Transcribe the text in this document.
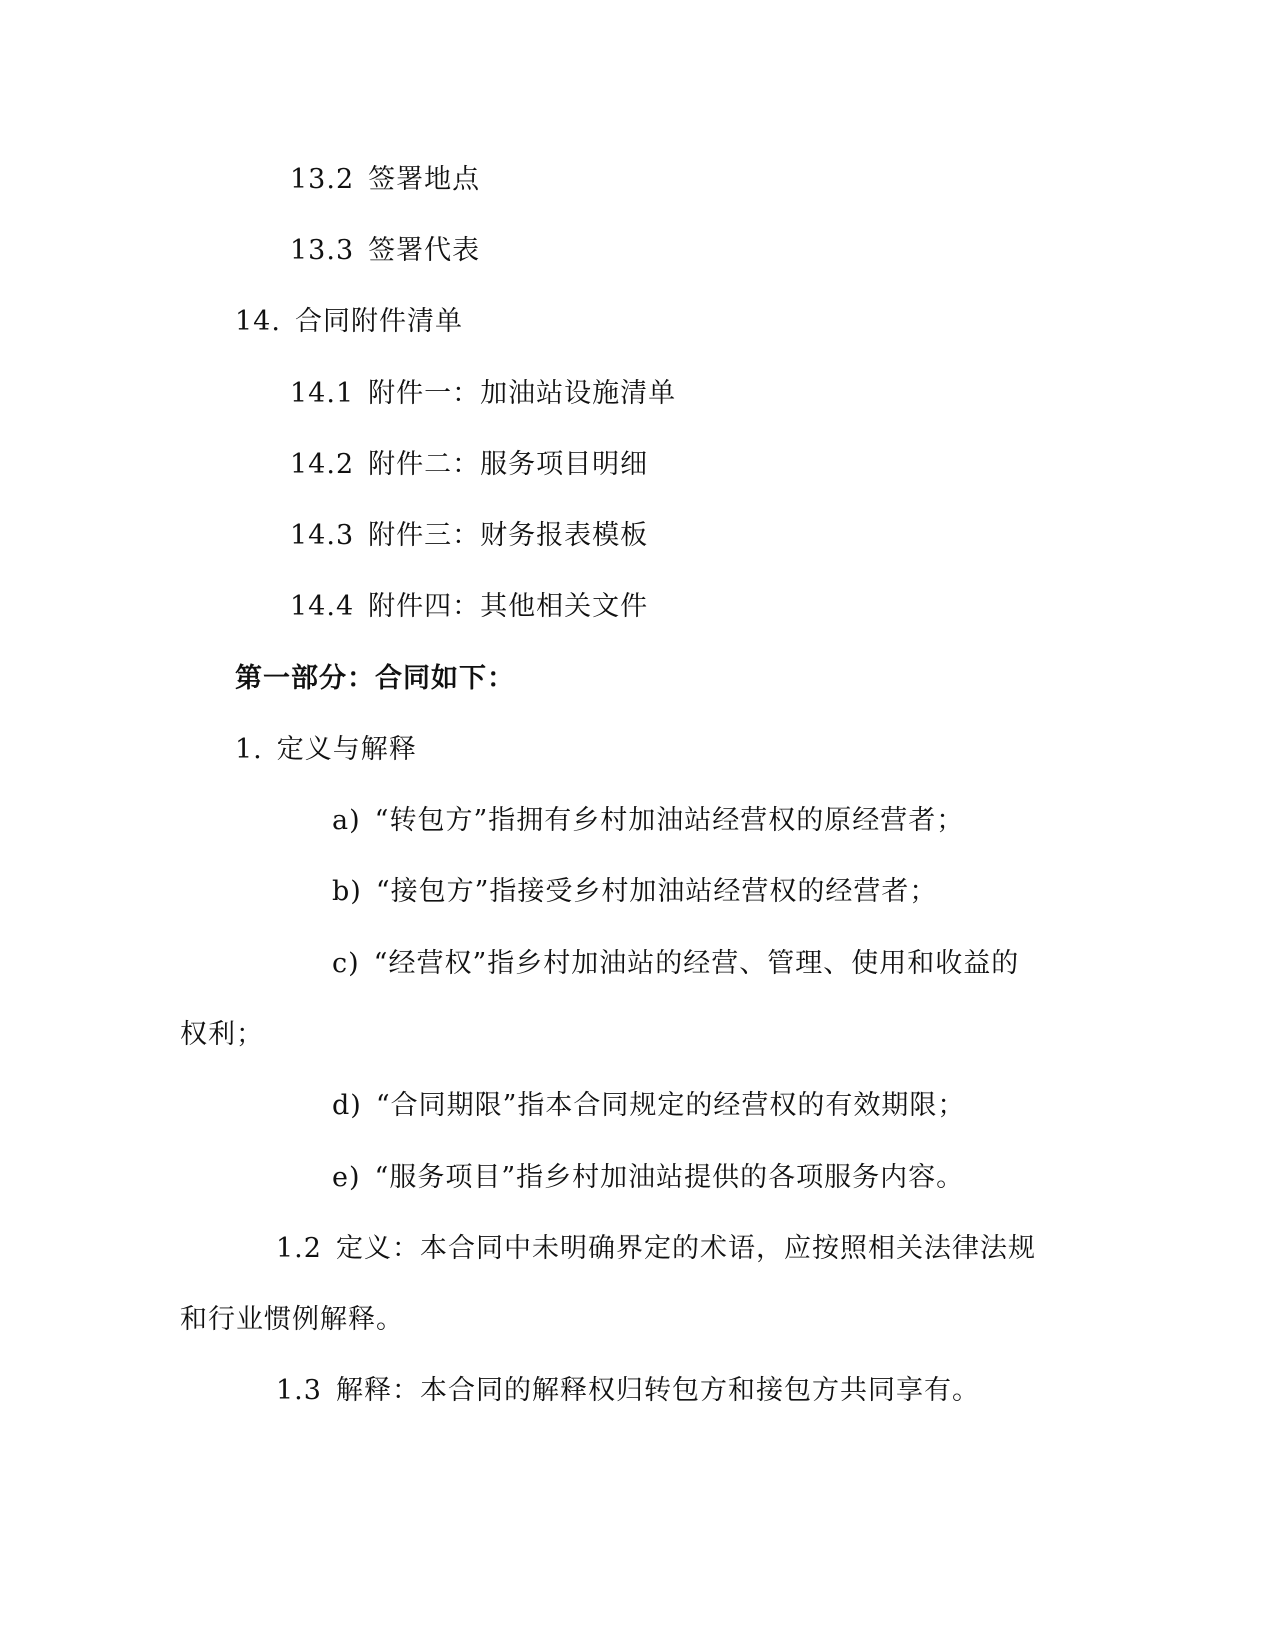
13.2 签署地点
13.3 签署代表
14. 合同附件清单
14.1 附件一：加油站设施清单
14.2 附件二：服务项目明细
14.3 附件三：财务报表模板
14.4 附件四：其他相关文件
第一部分：合同如下：
1. 定义与解释
a) “转包方”指拥有乡村加油站经营权的原经营者；
b) “接包方”指接受乡村加油站经营权的经营者；
c) “经营权”指乡村加油站的经营、管理、使用和收益的
权利；
d) “合同期限”指本合同规定的经营权的有效期限；
e) “服务项目”指乡村加油站提供的各项服务内容。
1.2 定义：本合同中未明确界定的术语，应按照相关法律法规
和行业惯例解释。
1.3 解释：本合同的解释权归转包方和接包方共同享有。
